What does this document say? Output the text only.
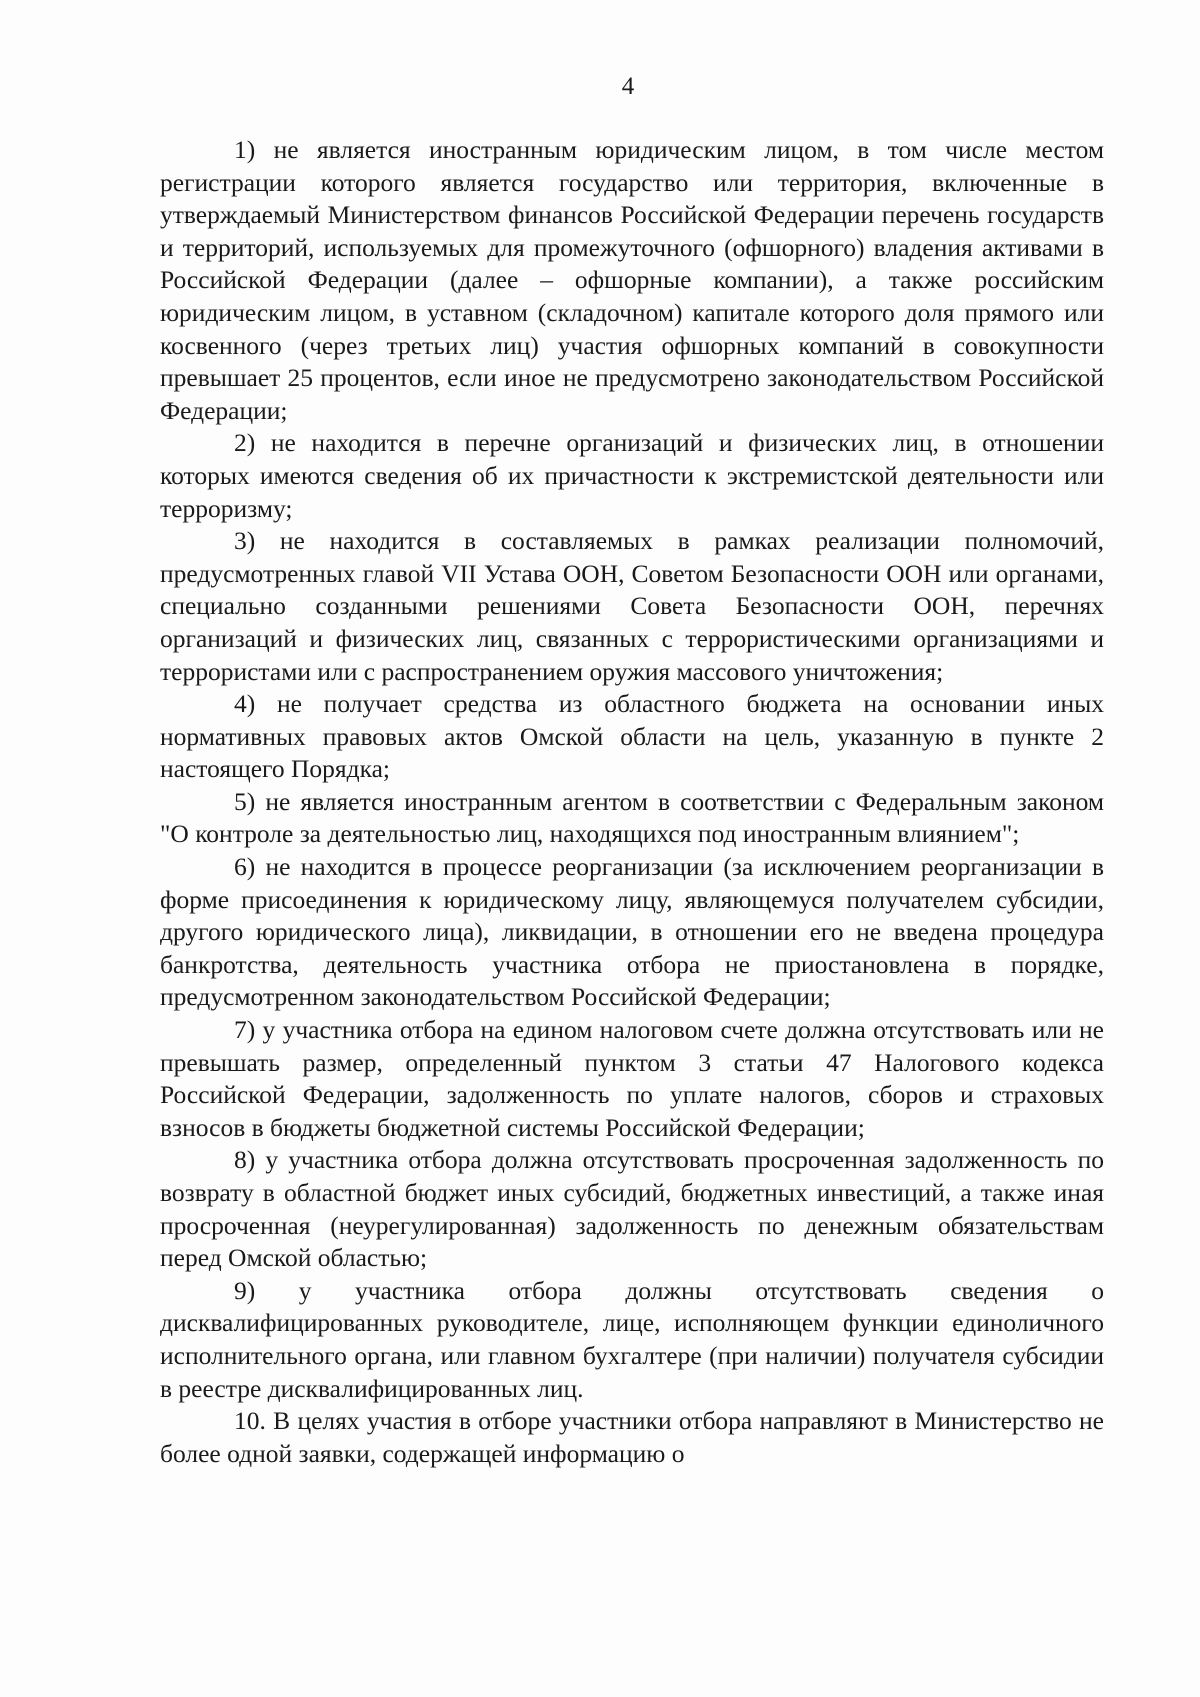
4

1) не является иностранным юридическим лицом, в том числе местом регистрации которого является государство или территория, включенные в утверждаемый Министерством финансов Российской Федерации перечень государств и территорий, используемых для промежуточного (офшорного) владения активами в Российской Федерации (далее – офшорные компании), а также российским юридическим лицом, в уставном (складочном) капитале которого доля прямого или косвенного (через третьих лиц) участия офшорных компаний в совокупности превышает 25 процентов, если иное не предусмотрено законодательством Российской Федерации;

2) не находится в перечне организаций и физических лиц, в отношении которых имеются сведения об их причастности к экстремистской деятельности или терроризму;

3) не находится в составляемых в рамках реализации полномочий, предусмотренных главой VII Устава ООН, Советом Безопасности ООН или органами, специально созданными решениями Совета Безопасности ООН, перечнях организаций и физических лиц, связанных с террористическими организациями и террористами или с распространением оружия массового уничтожения;

4) не получает средства из областного бюджета на основании иных нормативных правовых актов Омской области на цель, указанную в пункте 2 настоящего Порядка;

5) не является иностранным агентом в соответствии с Федеральным законом "О контроле за деятельностью лиц, находящихся под иностранным влиянием";

6) не находится в процессе реорганизации (за исключением реорганизации в форме присоединения к юридическому лицу, являющемуся получателем субсидии, другого юридического лица), ликвидации, в отношении его не введена процедура банкротства, деятельность участника отбора не приостановлена в порядке, предусмотренном законодательством Российской Федерации;

7) у участника отбора на едином налоговом счете должна отсутствовать или не превышать размер, определенный пунктом 3 статьи 47 Налогового кодекса Российской Федерации, задолженность по уплате налогов, сборов и страховых взносов в бюджеты бюджетной системы Российской Федерации;

8) у участника отбора должна отсутствовать просроченная задолженность по возврату в областной бюджет иных субсидий, бюджетных инвестиций, а также иная просроченная (неурегулированная) задолженность по денежным обязательствам перед Омской областью;

9) у участника отбора должны отсутствовать сведения о дисквалифицированных руководителе, лице, исполняющем функции единоличного исполнительного органа, или главном бухгалтере (при наличии) получателя субсидии в реестре дисквалифицированных лиц.

10. В целях участия в отборе участники отбора направляют в Министерство не более одной заявки, содержащей информацию о
